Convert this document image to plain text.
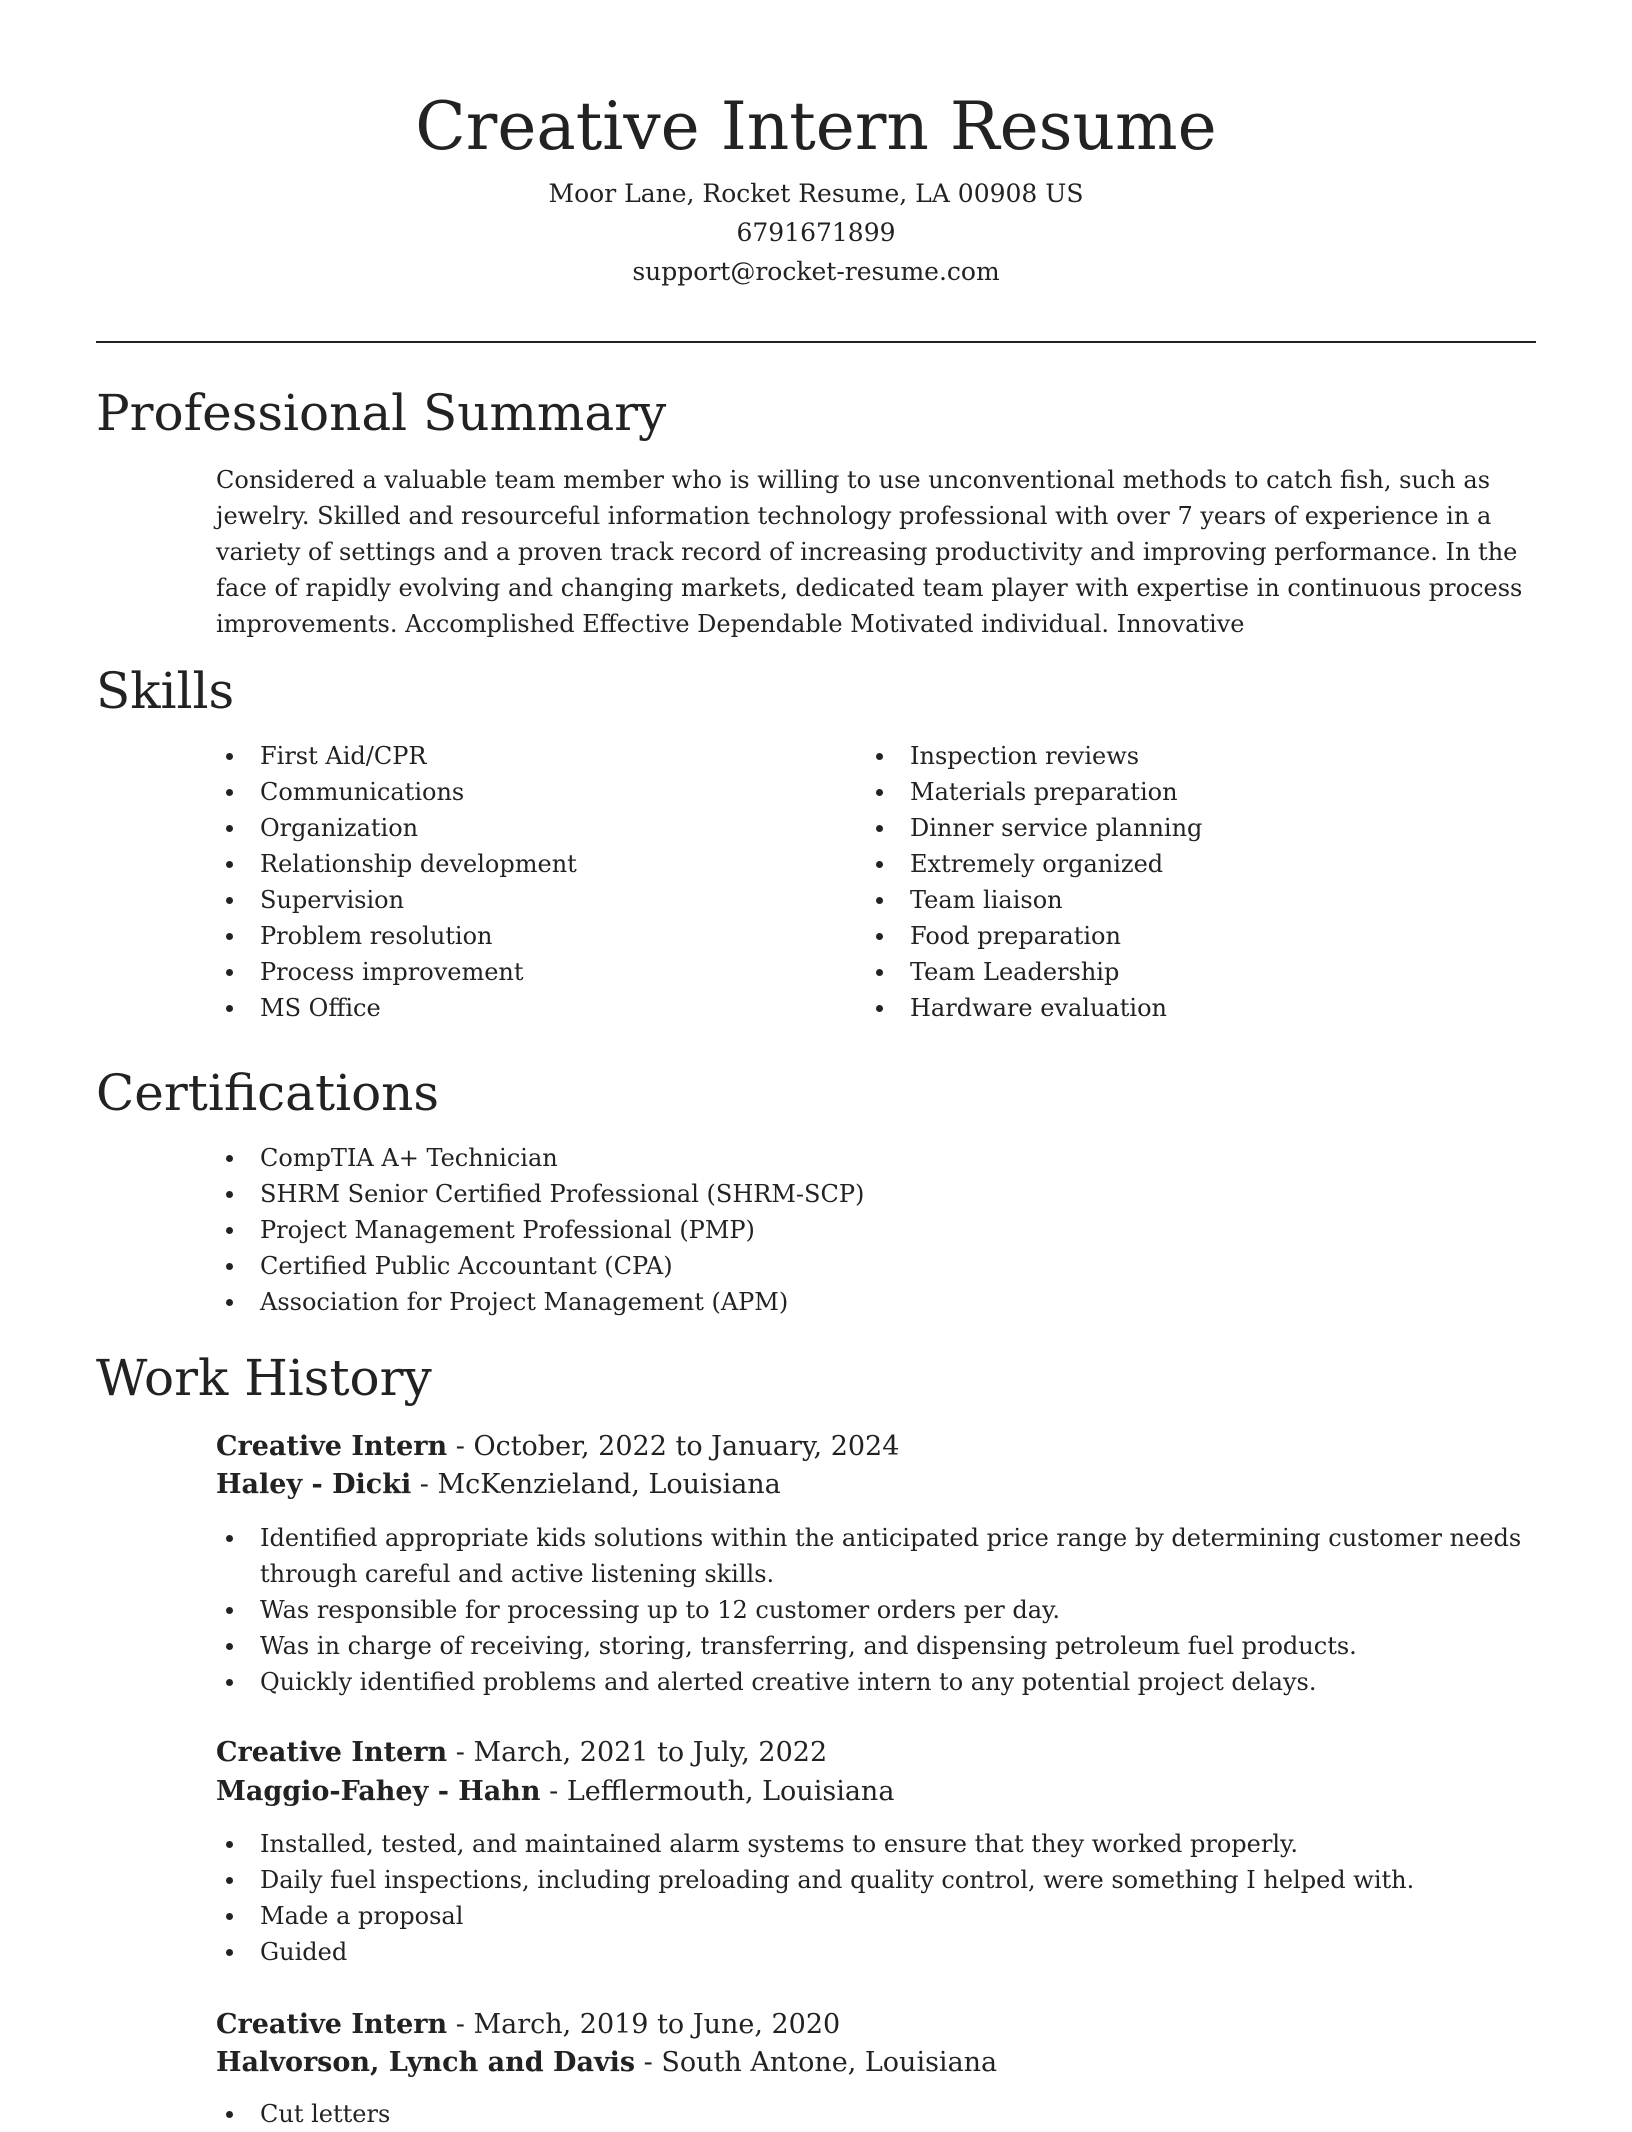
Creative Intern Resume

Moor Lane, Rocket Resume, LA 00908 US

6791671899

support@rocket-resume.com

Professional Summary

Considered a valuable team member who is willing to use unconventional methods to catch fish, such as jewelry. Skilled and resourceful information technology professional with over 7 years of experience in a variety of settings and a proven track record of increasing productivity and improving performance. In the face of rapidly evolving and changing markets, dedicated team player with expertise in continuous process improvements. Accomplished Effective Dependable Motivated individual. Innovative

Skills
First Aid/CPR
Communications
Organization
Relationship development
Supervision
Problem resolution
Process improvement
MS Office
Inspection reviews
Materials preparation
Dinner service planning
Extremely organized
Team liaison
Food preparation
Team Leadership
Hardware evaluation
Certifications
CompTIA A+ Technician
SHRM Senior Certified Professional (SHRM-SCP)
Project Management Professional (PMP)
Certified Public Accountant (CPA)
Association for Project Management (APM)
Work History

Creative Intern - October, 2022 to January, 2024

Haley - Dicki - McKenzieland, Louisiana

Identified appropriate kids solutions within the anticipated price range by determining customer needs through careful and active listening skills.
Was responsible for processing up to 12 customer orders per day.
Was in charge of receiving, storing, transferring, and dispensing petroleum fuel products.
Quickly identified problems and alerted creative intern to any potential project delays.

Creative Intern - March, 2021 to July, 2022

Maggio-Fahey - Hahn - Lefflermouth, Louisiana

Installed, tested, and maintained alarm systems to ensure that they worked properly.
Daily fuel inspections, including preloading and quality control, were something I helped with.
Made a proposal
Guided

Creative Intern - March, 2019 to June, 2020

Halvorson, Lynch and Davis - South Antone, Louisiana

Cut letters
